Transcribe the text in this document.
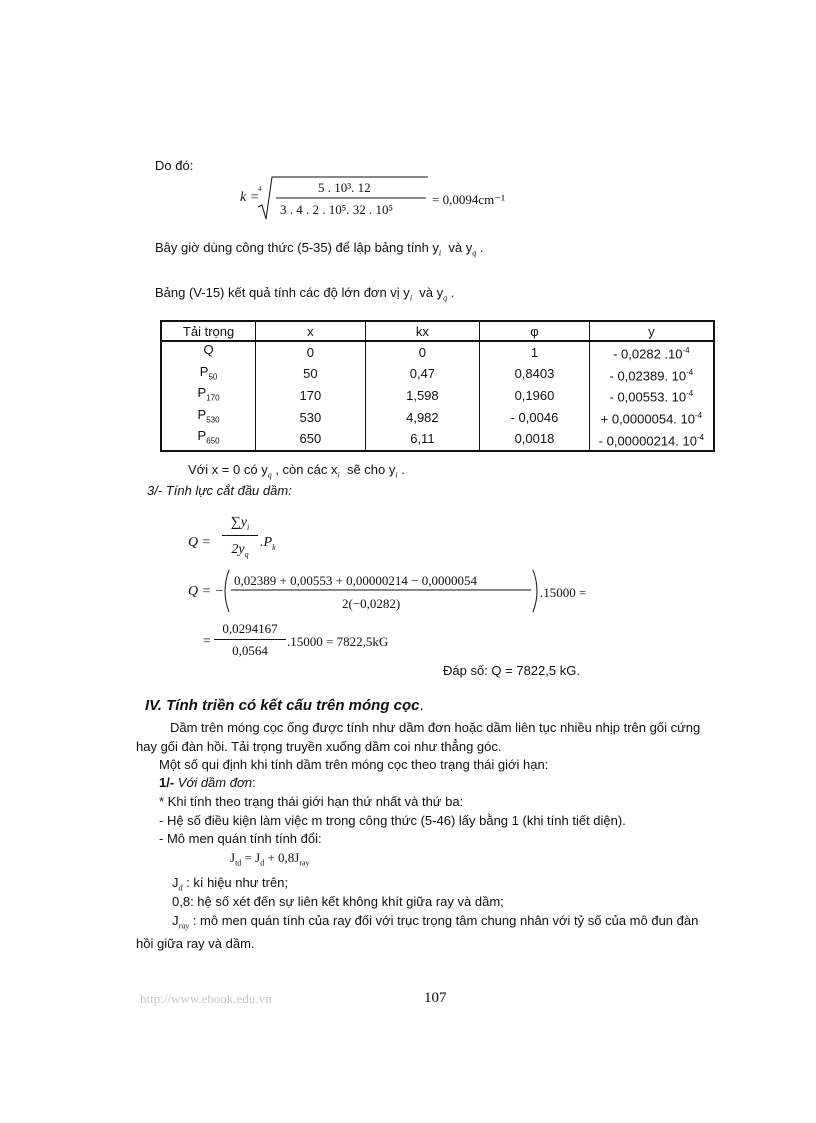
Do đó:
k =
4	5 . 10³. 12
3 . 4 . 2 . 10⁵. 32 . 10⁵
= 0,0094cm⁻¹
Bây giờ dùng công thức (5-35) để lập bảng tính $y_i$ và $y_q$ .
Bảng (V-15) kết quả tính các độ lớn đơn vị $y_i$ và $y_q$ .
Tải trọng	x	kx	φ	y
Q	0	0	1	- 0,0282 $.10^{-4}$
$P_{50}$	50	0,47	0,8403	- 0,02389. $10^{-4}$
$P_{170}$	170	1,598	0,1960	- 0,00553. $10^{-4}$
$P_{530}$	530	4,982	- 0,0046	+ 0,0000054. $10^{-4}$
$P_{650}$	650	6,11	0,0018	- 0,00000214. $10^{-4}$
Với x = 0 có $y_q$ , còn các $x_i$ sẽ cho $y_i$ .
3/- Tính lực cắt đầu dầm:
Q =
$\sum y_i$
$2y_q$
$.P_k$
Q = −
0,02389 + 0,00553 + 0,00000214 − 0,0000054
2(−0,0282)
.15000 =
=
0,0294167
0,0564
.15000 = 7822,5kG
Đáp số: Q = 7822,5 kG.
IV. Tính triền có kết cấu trên móng cọc.
Dầm trên móng cọc ống được tính như dầm đơn hoặc dầm liên tục nhiều nhịp trên gối cứng
hay gối đàn hồi. Tải trọng truyền xuống dầm coi như thẳng góc.
Một số qui định khi tính dầm trên móng cọc theo trạng thái giới hạn:
1/- Với dầm đơn:
* Khi tính theo trạng thái giới hạn thứ nhất và thứ ba:
- Hệ số điều kiện làm việc m trong công thức (5-46) lấy bằng 1 (khi tính tiết diện).
- Mô men quán tính tính đổi:
$J_{td} = J_d + 0,8J_{ray}$
$J_d$ : kí hiệu như trên;
0,8: hệ số xét đến sự liên kết không khít giữa ray và dầm;
$J_{ray}$ : mô men quán tính của ray đối với trục trọng tâm chung nhân với tỷ số của mô đun đàn
hồi giữa ray và dầm.
http://www.ebook.edu.vn	107
